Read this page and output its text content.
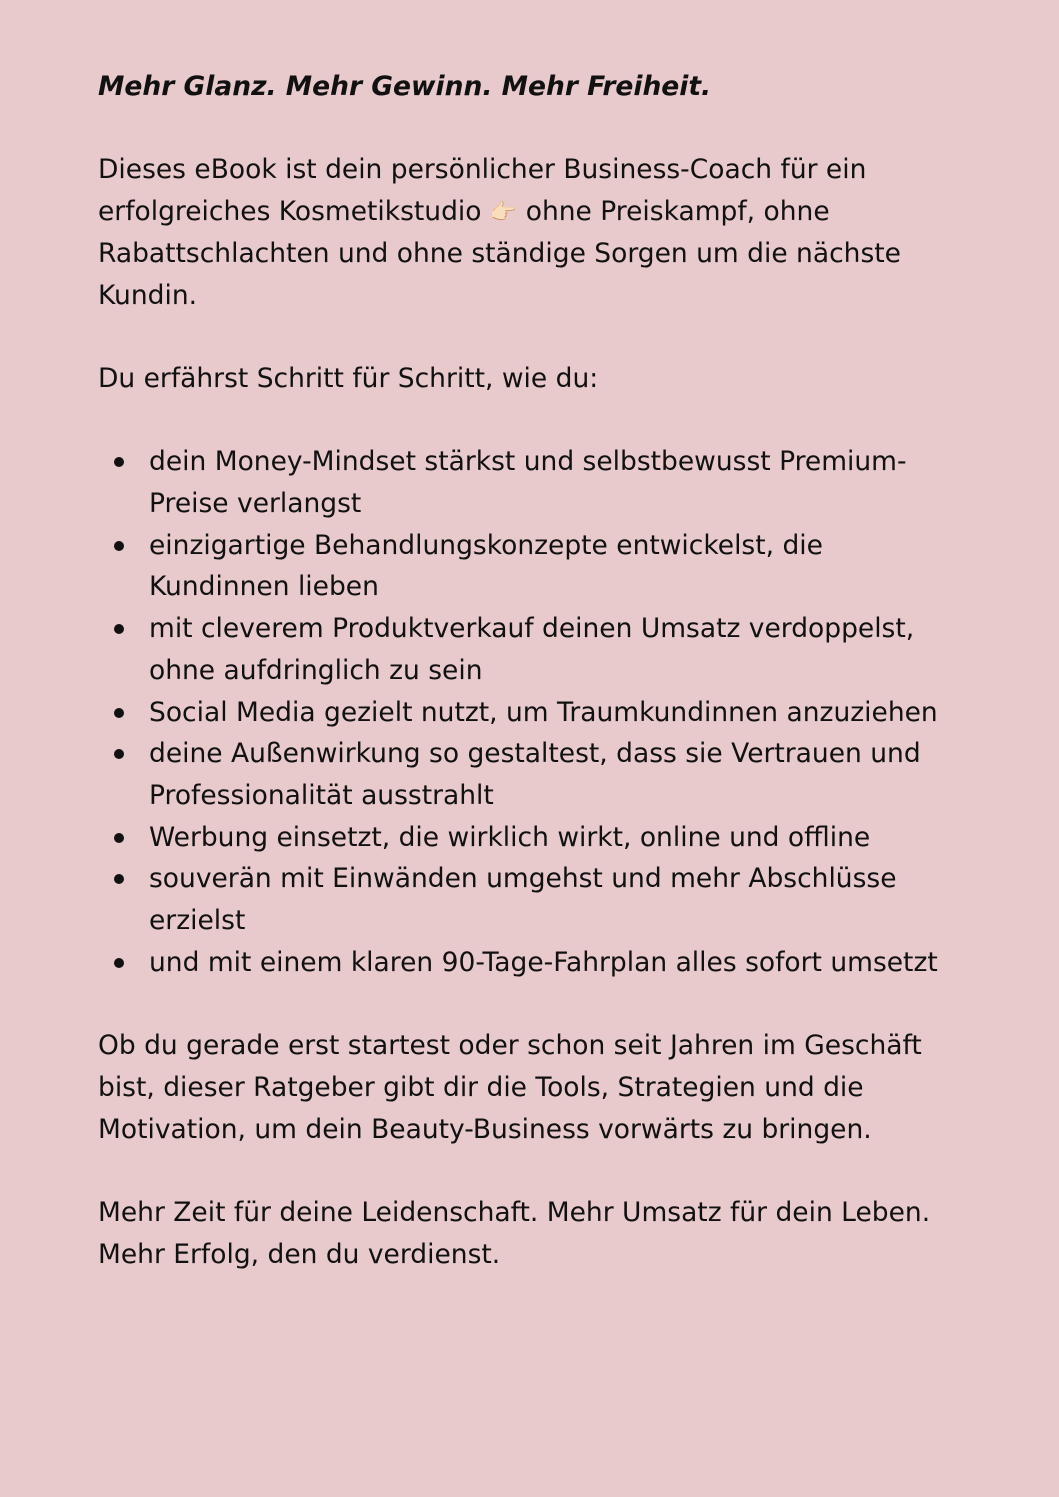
Mehr Glanz. Mehr Gewinn. Mehr Freiheit.

Dieses eBook ist dein persönlicher Business-Coach für ein erfolgreiches Kosmetikstudio 👉🏻 ohne Preiskampf, ohne Rabattschlachten und ohne ständige Sorgen um die nächste Kundin.

Du erfährst Schritt für Schritt, wie du:

dein Money-Mindset stärkst und selbstbewusst Premium-Preise verlangst
einzigartige Behandlungskonzepte entwickelst, die Kundinnen lieben
mit cleverem Produktverkauf deinen Umsatz verdoppelst, ohne aufdringlich zu sein
Social Media gezielt nutzt, um Traumkundinnen anzuziehen
deine Außenwirkung so gestaltest, dass sie Vertrauen und Professionalität ausstrahlt
Werbung einsetzt, die wirklich wirkt, online und offline
souverän mit Einwänden umgehst und mehr Abschlüsse erzielst
und mit einem klaren 90-Tage-Fahrplan alles sofort umsetzt

Ob du gerade erst startest oder schon seit Jahren im Geschäft bist, dieser Ratgeber gibt dir die Tools, Strategien und die Motivation, um dein Beauty-Business vorwärts zu bringen.

Mehr Zeit für deine Leidenschaft. Mehr Umsatz für dein Leben. Mehr Erfolg, den du verdienst.
